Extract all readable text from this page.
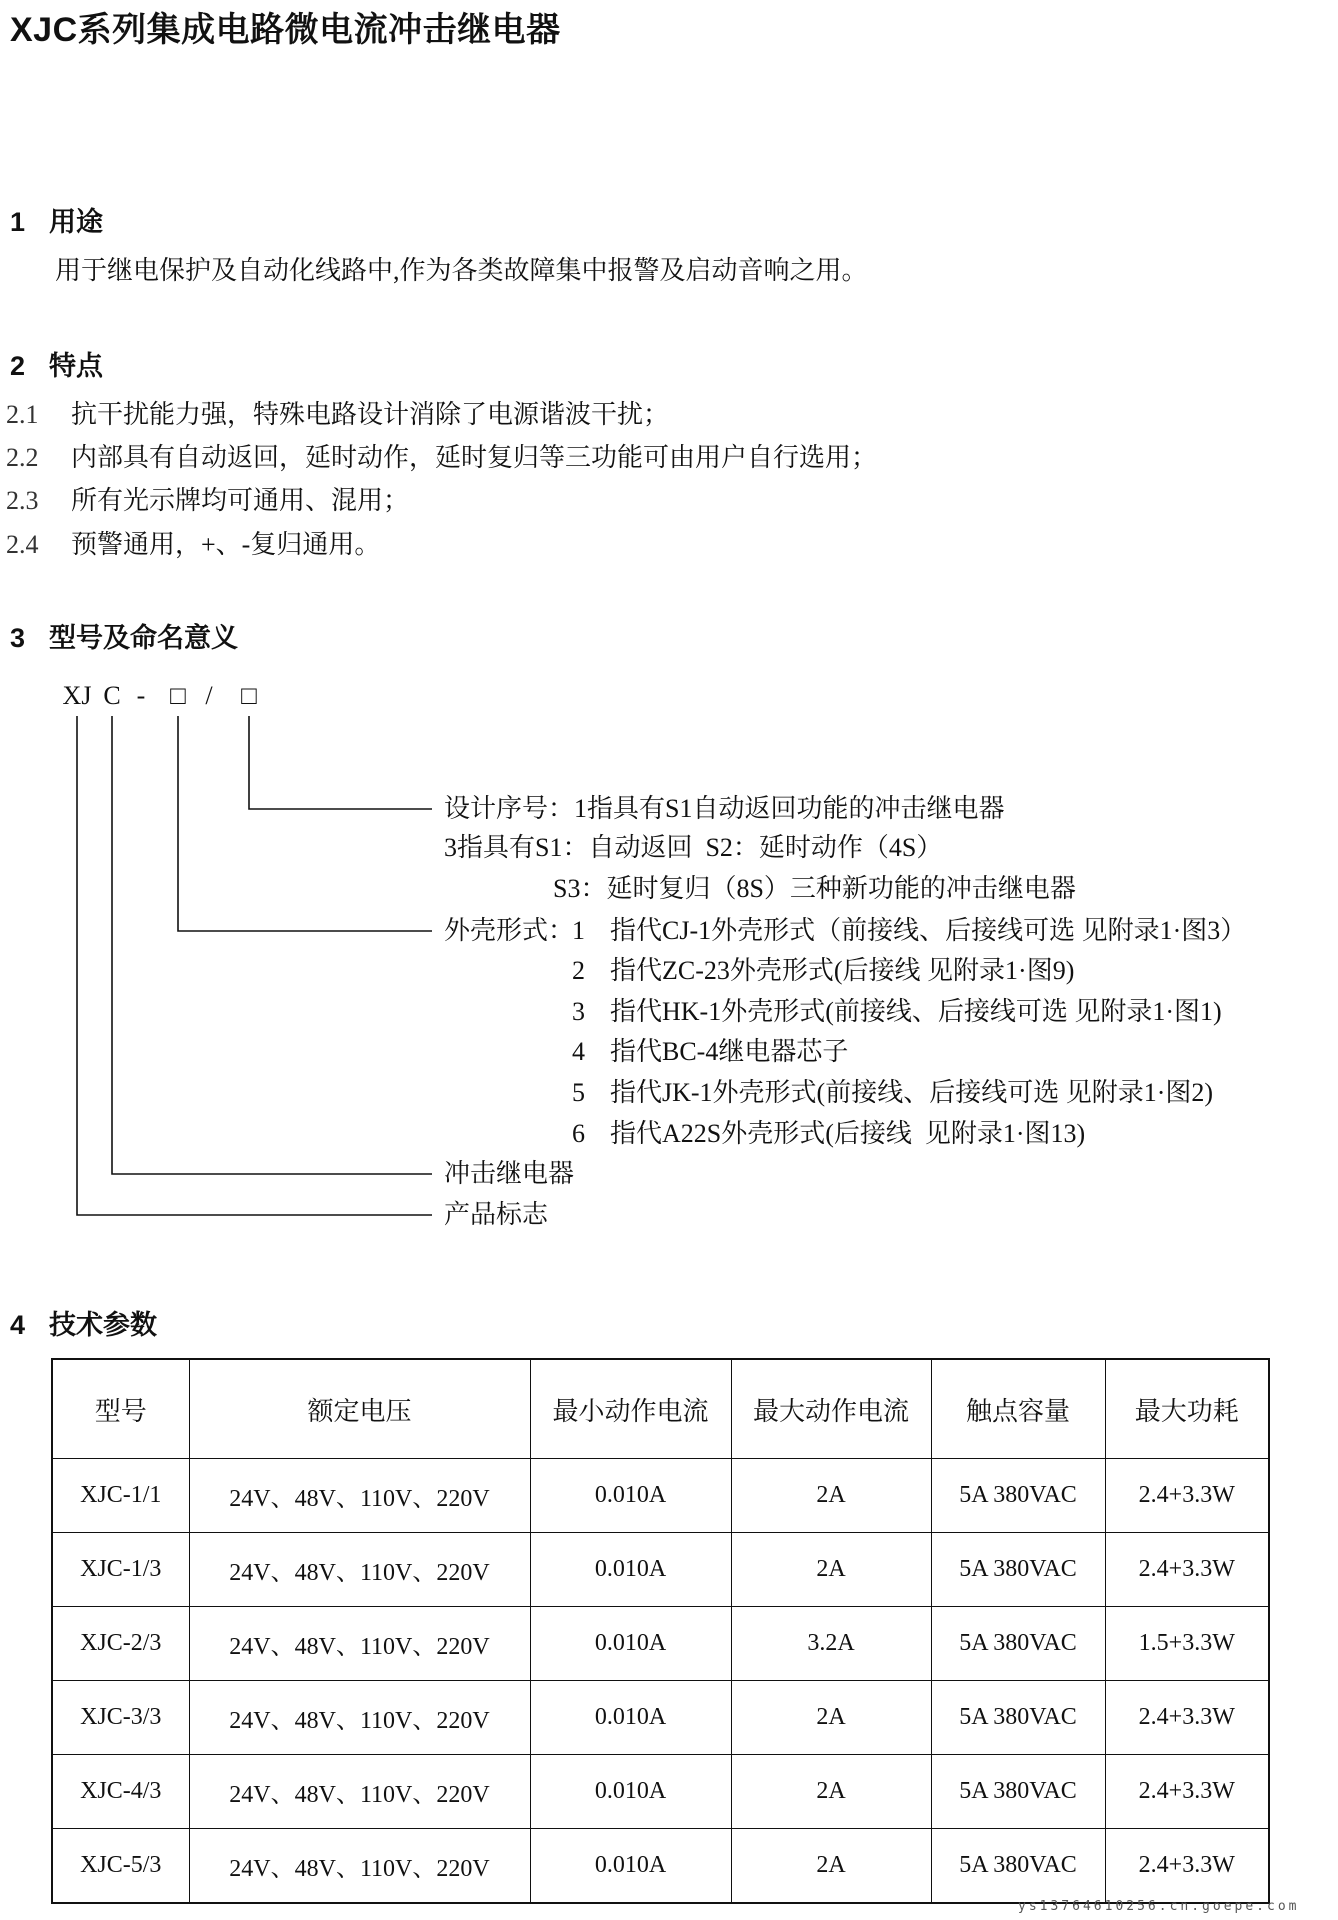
XJC系列集成电路微电流冲击继电器
1 用途
用于继电保护及自动化线路中,作为各类故障集中报警及启动音响之用。
2 特点
2.1 抗干扰能力强，特殊电路设计消除了电源谐波干扰；
2.2 内部具有自动返回，延时动作，延时复归等三功能可由用户自行选用；
2.3 所有光示牌均可通用、混用；
2.4 预警通用，+、-复归通用。
3 型号及命名意义
XJ C - □ /	□
设计序号：1指具有S1自动返回功能的冲击继电器
3指具有S1：自动返回  S2：延时动作（4S）
S3：延时复归（8S）三种新功能的冲击继电器
外壳形式：
1 指代CJ-1外壳形式（前接线、后接线可选 见附录1·图3）
2 指代ZC-23外壳形式(后接线 见附录1·图9)
3 指代HK-1外壳形式(前接线、后接线可选 见附录1·图1)
4 指代BC-4继电器芯子
5 指代JK-1外壳形式(前接线、后接线可选 见附录1·图2)
6 指代A22S外壳形式(后接线  见附录1·图13)
冲击继电器
产品标志
4 技术参数
型号	额定电压	最小动作电流	最大动作电流	触点容量	最大功耗
XJC-1/1	24V、48V、110V、220V	0.010A	2A	5A 380VAC	2.4+3.3W
XJC-1/3	24V、48V、110V、220V	0.010A	2A	5A 380VAC	2.4+3.3W
XJC-2/3	24V、48V、110V、220V	0.010A	3.2A	5A 380VAC	1.5+3.3W
XJC-3/3	24V、48V、110V、220V	0.010A	2A	5A 380VAC	2.4+3.3W
XJC-4/3	24V、48V、110V、220V	0.010A	2A	5A 380VAC	2.4+3.3W
XJC-5/3	24V、48V、110V、220V	0.010A	2A	5A 380VAC	2.4+3.3W
ys13764610256.cn.goepe.com
